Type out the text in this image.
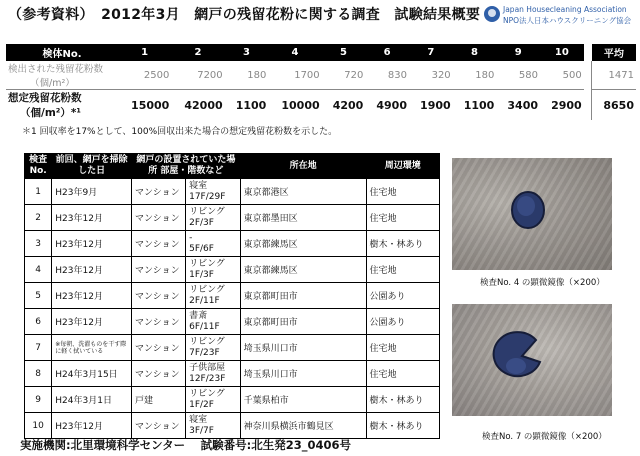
（参考資料）　2012年3月　網戸の残留花粉に関する調査　試験結果概要	Japan Housecleaning Association
NPO法人日本ハウスクリーニング協会
検体No.	1	2	3	4	5	6	7	8	9	10		平均
検出された残留花粉数
（個/m²）	2500	7200	180	1700	720	830	320	180	580	500		1471
想定残留花粉数
（個/m²）*¹	15000	42000	1100	10000	4200	4900	1900	1100	3400	2900		8650
＊1 回収率を17%として、100%回収出来た場合の想定残留花粉数を示した。
検査No.	前回、網戸を掃除した日	網戸の設置されていた場所 部屋・階数など		所在地	周辺環境
1	H23年9月	マンション	寝室
17F/29F	東京都港区	住宅地
2	H23年12月	マンション	リビング
2F/3F	東京都墨田区	住宅地
3	H23年12月	マンション	-
5F/6F	東京都練馬区	樹木・林あり
4	H23年12月	マンション	リビング
1F/3F	東京都練馬区	住宅地
5	H23年12月	マンション	リビング
2F/11F	東京都町田市	公園あり
6	H23年12月	マンション	書斎
6F/11F	東京都町田市	公園あり
7	※毎朝、洗濯ものを干す際に軽く拭いている	マンション	リビング
7F/23F	埼玉県川口市	住宅地
8	H24年3月15日	マンション	子供部屋
12F/23F	埼玉県川口市	住宅地
9	H24年3月1日	戸建	リビング
1F/2F	千葉県柏市	樹木・林あり
10	H23年12月	マンション	寝室
3F/7F	神奈川県横浜市鶴見区	樹木・林あり
検査No. 4 の顕微鏡像（×200）
検査No. 7 の顕微鏡像（×200）
実施機関:北里環境科学センター　 試験番号:北生発23_0406号
